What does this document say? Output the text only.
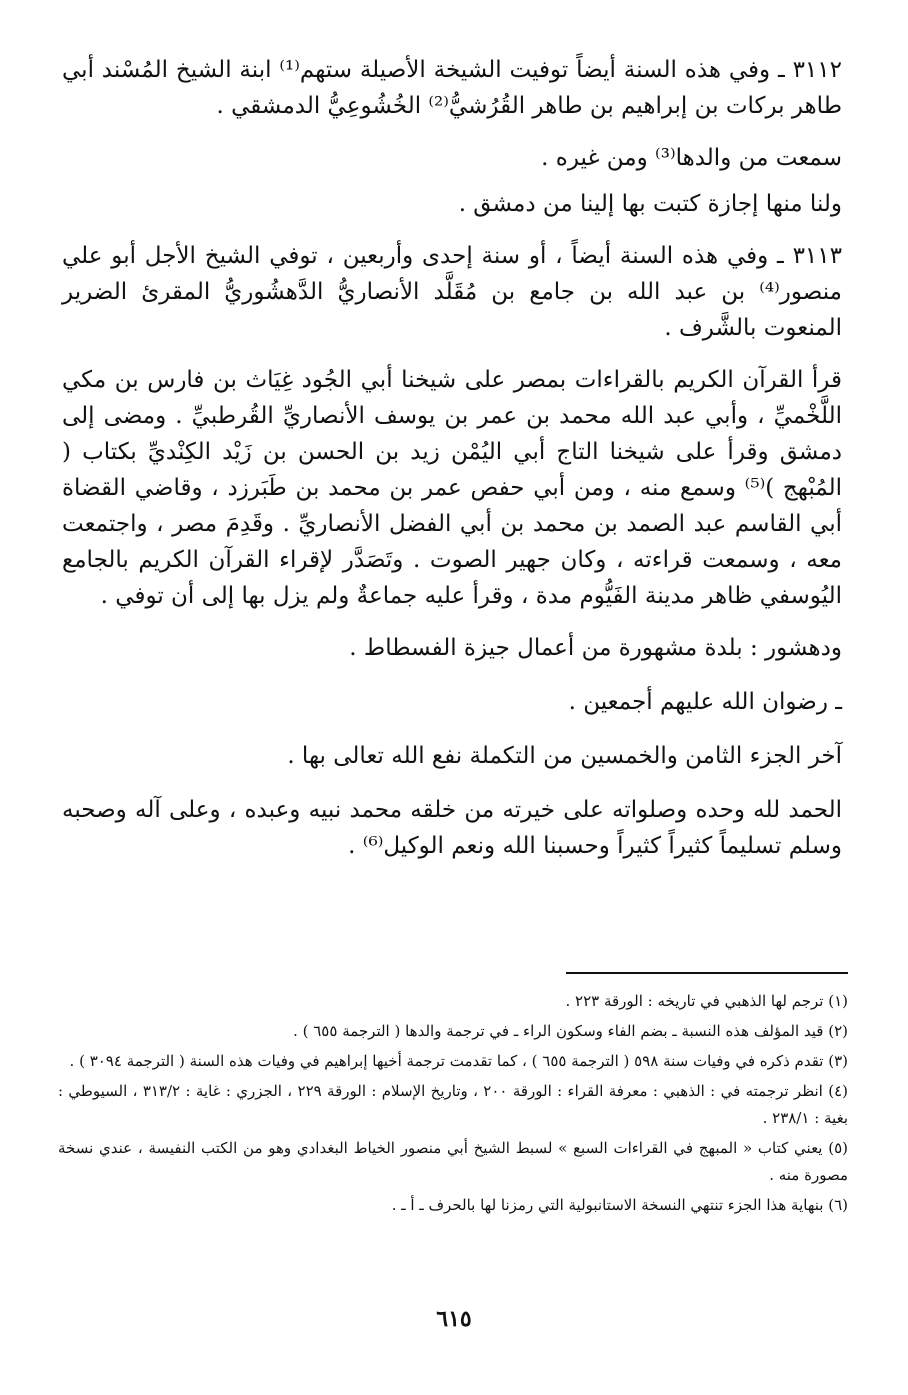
٣١١٢ ـ وفي هذه السنة أيضاً توفيت الشيخة الأصيلة ستهم⁽¹⁾ ابنة الشيخ المُسْند أبي طاهر بركات بن إبراهيم بن طاهر القُرُشيُّ⁽²⁾ الخُشُوعِيُّ الدمشقي .

سمعت من والدها⁽³⁾ ومن غيره .

ولنا منها إجازة كتبت بها إلينا من دمشق .

٣١١٣ ـ وفي هذه السنة أيضاً ، أو سنة إحدى وأربعين ، توفي الشيخ الأجل أبو علي منصور⁽⁴⁾ بن عبد الله بن جامع بن مُقَلَّد الأنصاريُّ الدَّهشُوريُّ المقرئ الضرير المنعوت بالشَّرف .

قرأ القرآن الكريم بالقراءات بمصر على شيخنا أبي الجُود غِيَاث بن فارس بن مكي اللَّخْميِّ ، وأبي عبد الله محمد بن عمر بن يوسف الأنصاريِّ القُرطبيِّ . ومضى إلى دمشق وقرأ على شيخنا التاج أبي اليُمْن زيد بن الحسن بن زَيْد الكِنْديِّ بكتاب ( المُبْهج )⁽⁵⁾ وسمع منه ، ومن أبي حفص عمر بن محمد بن طَبَرزد ، وقاضي القضاة أبي القاسم عبد الصمد بن محمد بن أبي الفضل الأنصاريِّ . وقَدِمَ مصر ، واجتمعت معه ، وسمعت قراءته ، وكان جهير الصوت . وتَصَدَّر لإقراء القرآن الكريم بالجامع اليُوسفي ظاهر مدينة الفَيُّوم مدة ، وقرأ عليه جماعةٌ ولم يزل بها إلى أن توفي .

ودهشور : بلدة مشهورة من أعمال جيزة الفسطاط .

ـ رضوان الله عليهم أجمعين .

آخر الجزء الثامن والخمسين من التكملة نفع الله تعالى بها .

الحمد لله وحده وصلواته على خيرته من خلقه محمد نبيه وعبده ، وعلى آله وصحبه وسلم تسليماً كثيراً كثيراً وحسبنا الله ونعم الوكيل⁽⁶⁾ .

(١) ترجم لها الذهبي في تاريخه : الورقة ٢٢٣ .

(٢) قيد المؤلف هذه النسبة ـ بضم الفاء وسكون الراء ـ في ترجمة والدها ( الترجمة ٦٥٥ ) .

(٣) تقدم ذكره في وفيات سنة ٥٩٨ ( الترجمة ٦٥٥ ) ، كما تقدمت ترجمة أخيها إبراهيم في وفيات هذه السنة ( الترجمة ٣٠٩٤ ) .

(٤) انظر ترجمته في : الذهبي : معرفة القراء : الورقة ٢٠٠ ، وتاريخ الإسلام : الورقة ٢٢٩ ، الجزري : غاية : ٣١٣/٢ ، السيوطي : بغية : ٢٣٨/١ .

(٥) يعني كتاب « المبهج في القراءات السبع » لسبط الشيخ أبي منصور الخياط البغدادي وهو من الكتب النفيسة ، عندي نسخة مصورة منه .

(٦) بنهاية هذا الجزء تنتهي النسخة الاستانبولية التي رمزنا لها بالحرف ـ أ ـ .

٦١٥
